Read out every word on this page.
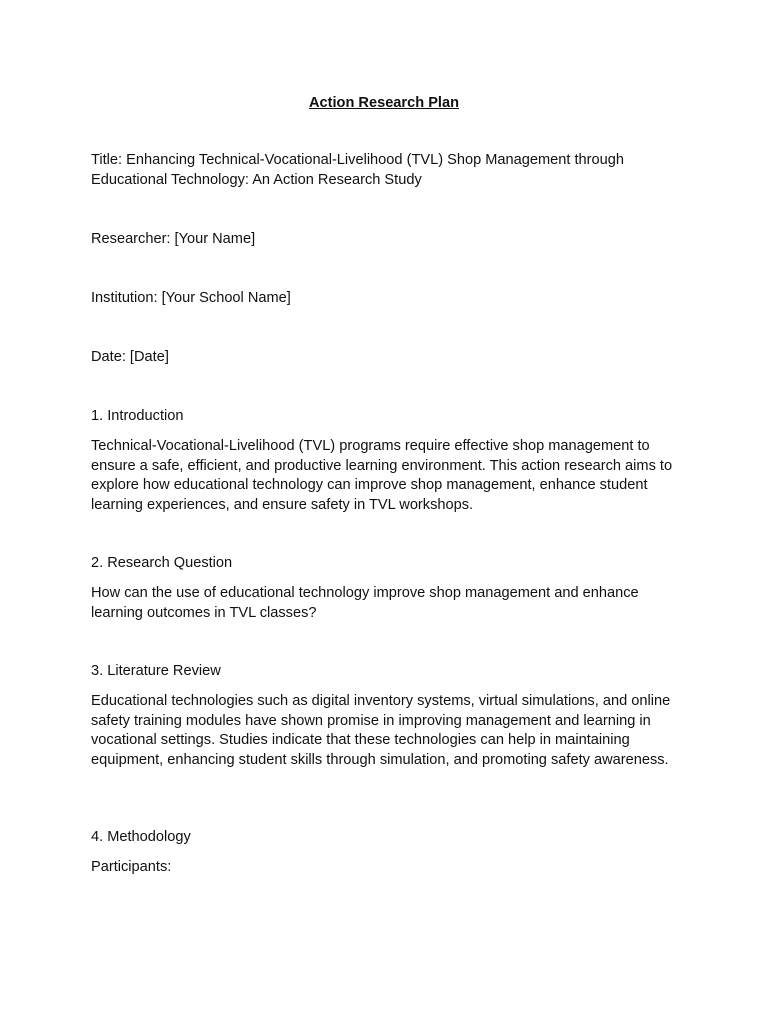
Action Research Plan

Title: Enhancing Technical-Vocational-Livelihood (TVL) Shop Management through Educational Technology: An Action Research Study

Researcher: [Your Name]

Institution: [Your School Name]

Date: [Date]

1. Introduction

Technical-Vocational-Livelihood (TVL) programs require effective shop management to ensure a safe, efficient, and productive learning environment. This action research aims to explore how educational technology can improve shop management, enhance student learning experiences, and ensure safety in TVL workshops.

2. Research Question

How can the use of educational technology improve shop management and enhance learning outcomes in TVL classes?

3. Literature Review

Educational technologies such as digital inventory systems, virtual simulations, and online safety training modules have shown promise in improving management and learning in vocational settings. Studies indicate that these technologies can help in maintaining equipment, enhancing student skills through simulation, and promoting safety awareness.

4. Methodology

Participants:
